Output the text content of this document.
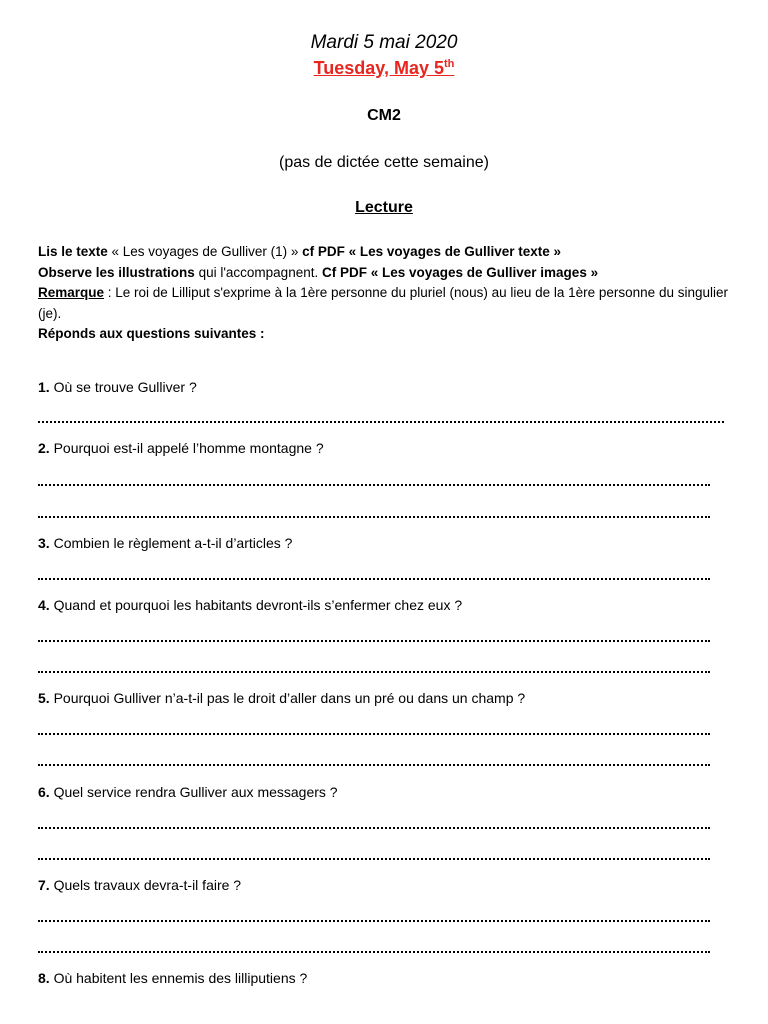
Mardi 5 mai 2020
Tuesday, May 5th
CM2
(pas de dictée cette semaine)
Lecture

Lis le texte « Les voyages de Gulliver (1) » cf PDF « Les voyages de Gulliver texte »

Observe les illustrations qui l'accompagnent. Cf PDF « Les voyages de Gulliver images »

Remarque : Le roi de Lilliput s'exprime à la 1ère personne du pluriel (nous) au lieu de la 1ère personne du singulier (je).

Réponds aux questions suivantes :

1. Où se trouve Gulliver ?
2. Pourquoi est-il appelé l’homme montagne ?
3. Combien le règlement a-t-il d’articles ?
4. Quand et pourquoi les habitants devront-ils s’enfermer chez eux ?
5. Pourquoi Gulliver n’a-t-il pas le droit d’aller dans un pré ou dans un champ ?
6. Quel service rendra Gulliver aux messagers ?
7. Quels travaux devra-t-il faire ?
8. Où habitent les ennemis des lilliputiens ?
